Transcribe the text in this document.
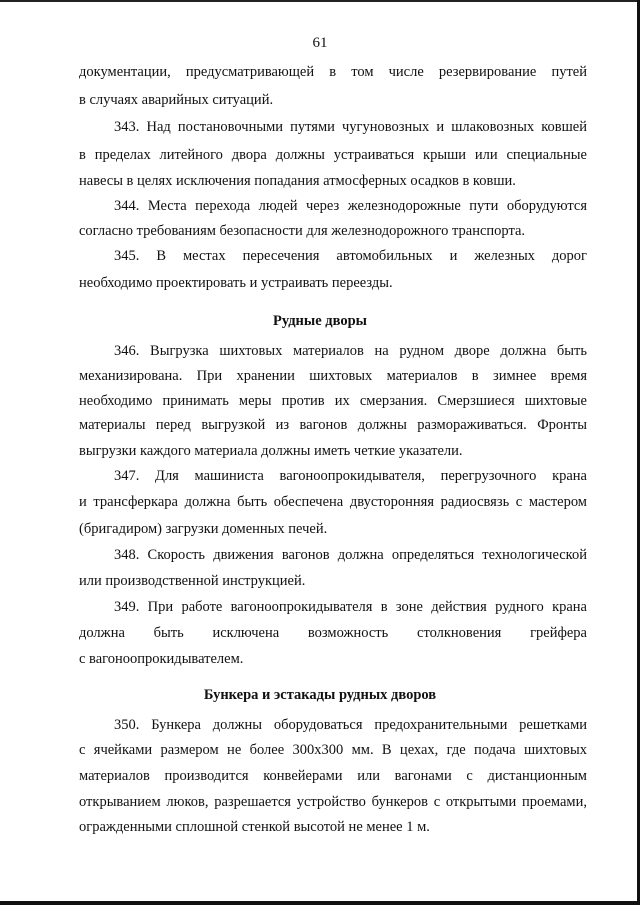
61
документации, предусматривающей в том числе резервирование путей
в случаях аварийных ситуаций.
343. Над постановочными путями чугуновозных и шлаковозных ковшей
в пределах литейного двора должны устраиваться крыши или специальные
навесы в целях исключения попадания атмосферных осадков в ковши.
344. Места перехода людей через железнодорожные пути оборудуются
согласно требованиям безопасности для железнодорожного транспорта.
345. В местах пересечения автомобильных и железных дорог
необходимо проектировать и устраивать переезды.
346. Выгрузка шихтовых материалов на рудном дворе должна быть
механизирована. При хранении шихтовых материалов в зимнее время
необходимо принимать меры против их смерзания. Смерзшиеся шихтовые
материалы перед выгрузкой из вагонов должны размораживаться. Фронты
выгрузки каждого материала должны иметь четкие указатели.
347. Для машиниста вагоноопрокидывателя, перегрузочного крана
и трансферкара должна быть обеспечена двусторонняя радиосвязь с мастером
(бригадиром) загрузки доменных печей.
348. Скорость движения вагонов должна определяться технологической
или производственной инструкцией.
349. При работе вагоноопрокидывателя в зоне действия рудного крана
должна быть исключена возможность столкновения грейфера
с вагоноопрокидывателем.
350. Бункера должны оборудоваться предохранительными решетками
с ячейками размером не более 300х300 мм. В цехах, где подача шихтовых
материалов производится конвейерами или вагонами с дистанционным
открыванием люков, разрешается устройство бункеров с открытыми проемами,
огражденными сплошной стенкой высотой не менее 1 м.
Рудные дворы
Бункера и эстакады рудных дворов
